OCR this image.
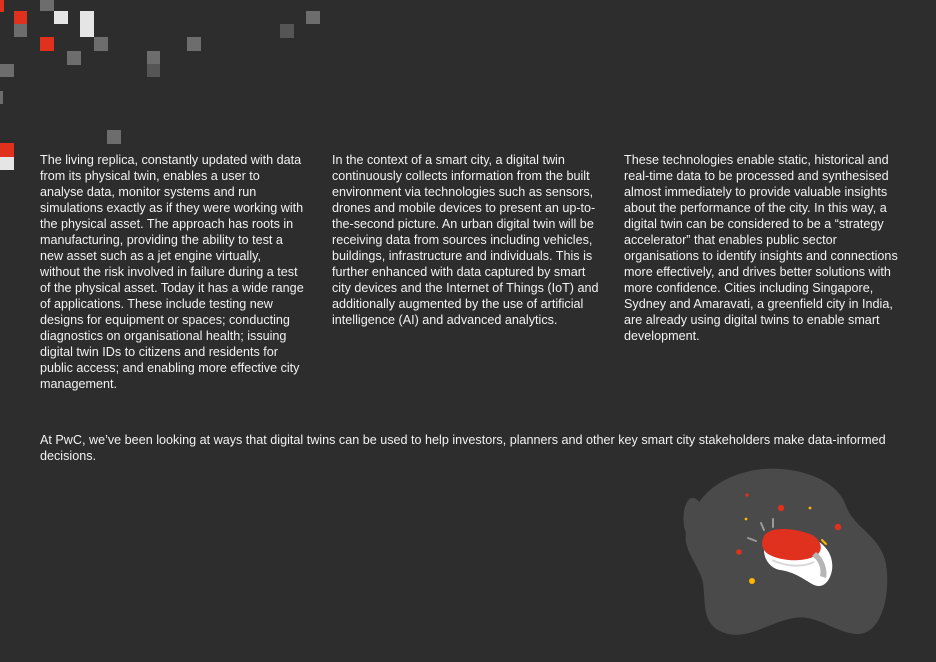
The living replica, constantly updated with data from its physical twin, enables a user to analyse data, monitor systems and run simulations exactly as if they were working with the physical asset. The approach has roots in manufacturing, providing the ability to test a new asset such as a jet engine virtually, without the risk involved in failure during a test of the physical asset. Today it has a wide range of applications. These include testing new designs for equipment or spaces; conducting diagnostics on organisational health; issuing digital twin IDs to citizens and residents for public access; and enabling more effective city management.

In the context of a smart city, a digital twin continuously collects information from the built environment via technologies such as sensors, drones and mobile devices to present an up-to-the-second picture. An urban digital twin will be receiving data from sources including vehicles, buildings, infrastructure and individuals. This is further enhanced with data captured by smart city devices and the Internet of Things (IoT) and additionally augmented by the use of artificial intelligence (AI) and advanced analytics.

These technologies enable static, historical and real-time data to be processed and synthesised almost immediately to provide valuable insights about the performance of the city. In this way, a digital twin can be considered to be a “strategy accelerator” that enables public sector organisations to identify insights and connections more effectively, and drives better solutions with more confidence. Cities including Singapore, Sydney and Amaravati, a greenfield city in India, are already using digital twins to enable smart development.

At PwC, we’ve been looking at ways that digital twins can be used to help investors, planners and other key smart city stakeholders make data-informed decisions.
